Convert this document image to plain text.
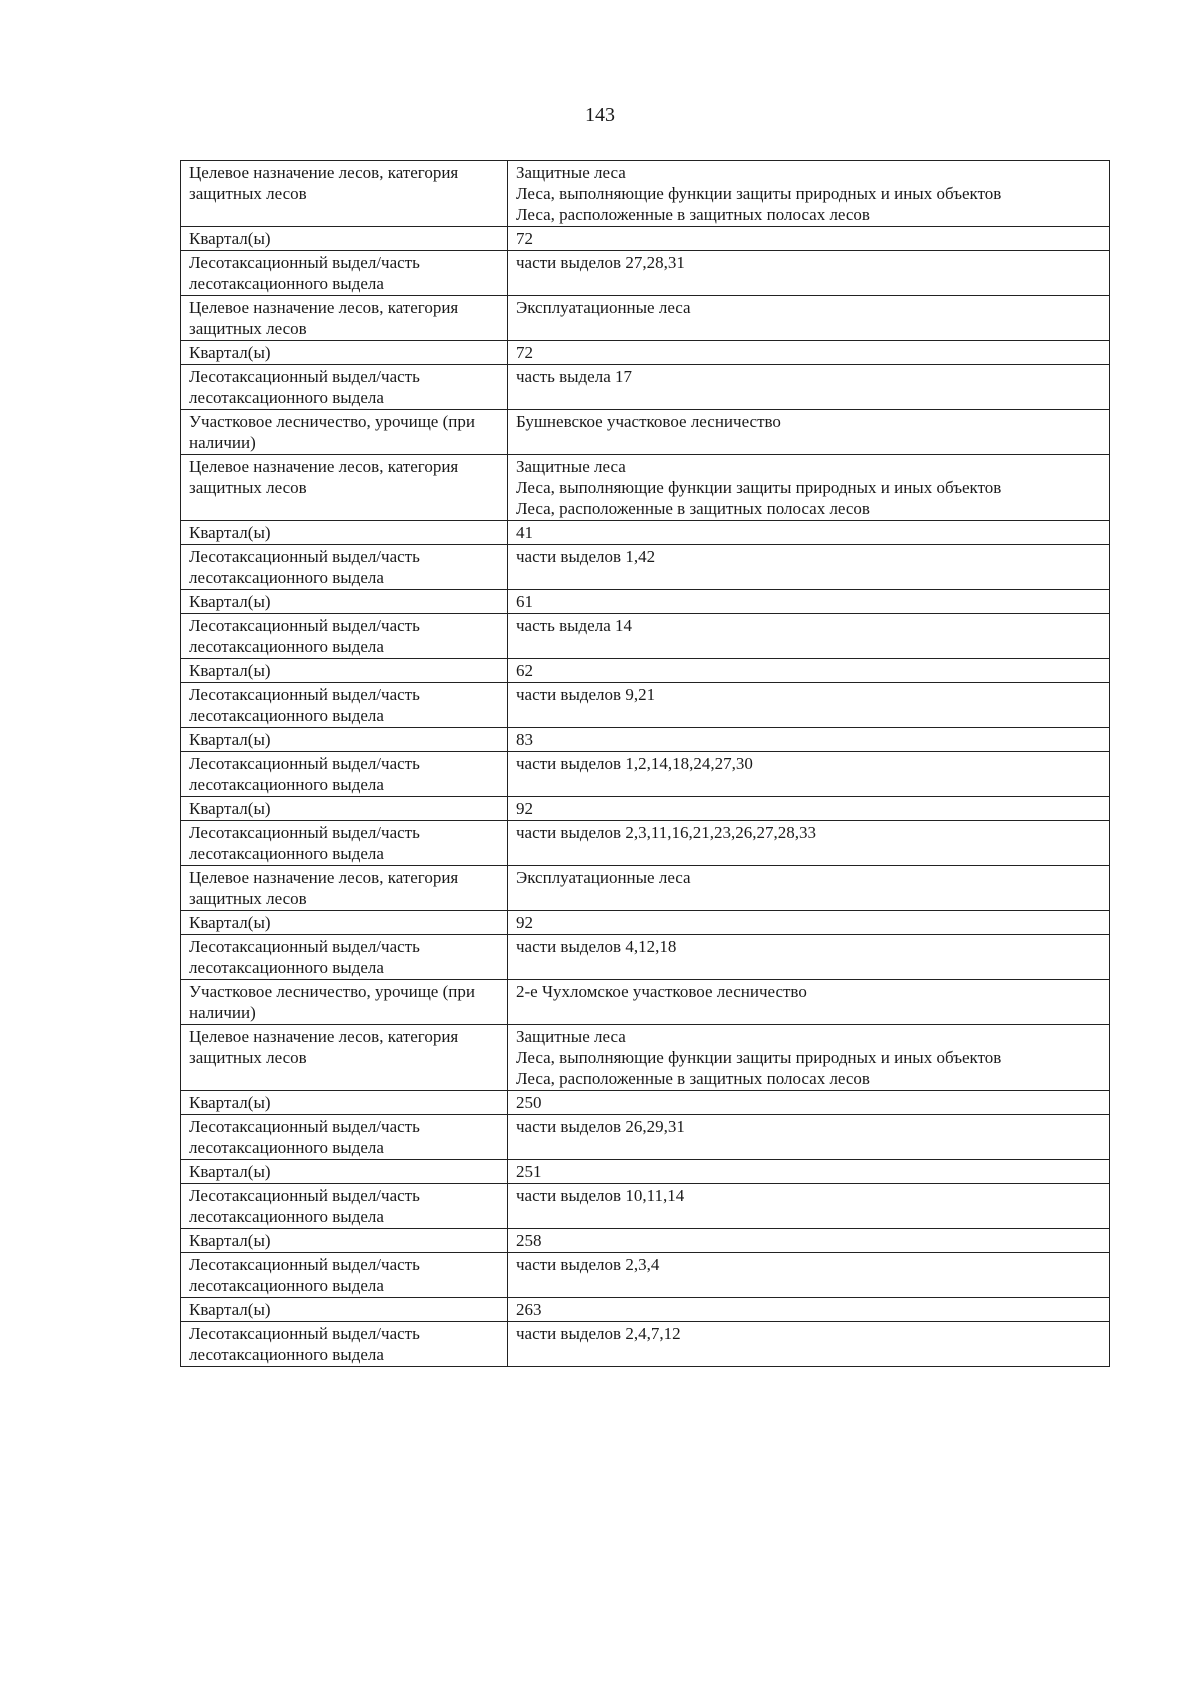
143
Целевое назначение лесов, категория защитных лесов	Защитные леса
Леса, выполняющие функции защиты природных и иных объектов
Леса, расположенные в защитных полосах лесов

Квартал(ы)	72

Лесотаксационный выдел/часть лесотаксационного выдела	части выделов 27,28,31

Целевое назначение лесов, категория защитных лесов	Эксплуатационные леса

Квартал(ы)	72

Лесотаксационный выдел/часть лесотаксационного выдела	часть выдела 17

Участковое лесничество, урочище (при наличии)	Бушневское участковое лесничество

Целевое назначение лесов, категория защитных лесов	Защитные леса
Леса, выполняющие функции защиты природных и иных объектов
Леса, расположенные в защитных полосах лесов

Квартал(ы)	41

Лесотаксационный выдел/часть лесотаксационного выдела	части выделов 1,42

Квартал(ы)	61

Лесотаксационный выдел/часть лесотаксационного выдела	часть выдела 14

Квартал(ы)	62

Лесотаксационный выдел/часть лесотаксационного выдела	части выделов 9,21

Квартал(ы)	83

Лесотаксационный выдел/часть лесотаксационного выдела	части выделов 1,2,14,18,24,27,30

Квартал(ы)	92

Лесотаксационный выдел/часть лесотаксационного выдела	части выделов 2,3,11,16,21,23,26,27,28,33

Целевое назначение лесов, категория защитных лесов	Эксплуатационные леса

Квартал(ы)	92

Лесотаксационный выдел/часть лесотаксационного выдела	части выделов 4,12,18

Участковое лесничество, урочище (при наличии)	2-е Чухломское участковое лесничество

Целевое назначение лесов, категория защитных лесов	Защитные леса
Леса, выполняющие функции защиты природных и иных объектов
Леса, расположенные в защитных полосах лесов

Квартал(ы)	250

Лесотаксационный выдел/часть лесотаксационного выдела	части выделов 26,29,31

Квартал(ы)	251

Лесотаксационный выдел/часть лесотаксационного выдела	части выделов 10,11,14

Квартал(ы)	258

Лесотаксационный выдел/часть лесотаксационного выдела	части выделов 2,3,4

Квартал(ы)	263

Лесотаксационный выдел/часть лесотаксационного выдела	части выделов 2,4,7,12
